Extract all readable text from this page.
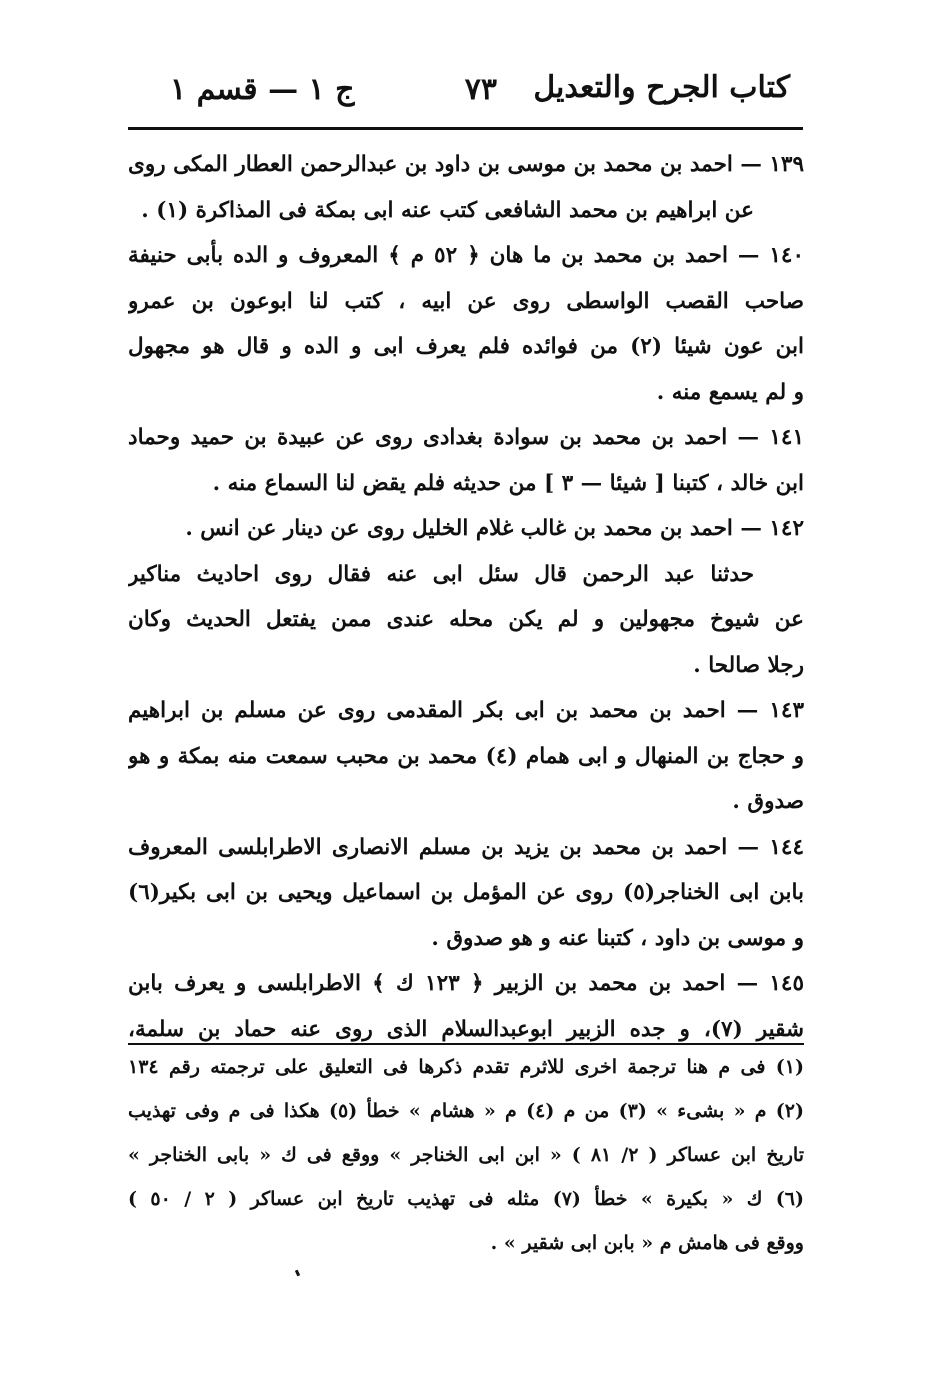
كتاب الجرح والتعديل
٧٣
ج ١ — قسم ١
١٣٩ — احمد بن محمد بن موسى بن داود بن عبدالرحمن العطار المكى روى
عن ابراهيم بن محمد الشافعى كتب عنه ابى بمكة فى المذاكرة (١) .
١٤٠ — احمد بن محمد بن ما هان ﴿ ٥٢ م ﴾ المعروف و الده بأبى حنيفة
صاحب القصب الواسطى روى عن ابيه ، كتب لنا ابوعون بن عمرو
ابن عون شيئا (٢) من فوائده فلم يعرف ابى و الده و قال هو مجهول
و لم يسمع منه .
١٤١ — احمد بن محمد بن سوادة بغدادى روى عن عبيدة بن حميد وحماد
ابن خالد ، كتبنا [ شيئا — ٣ ] من حديثه فلم يقض لنا السماع منه .
١٤٢ — احمد بن محمد بن غالب غلام الخليل روى عن دينار عن انس .
حدثنا عبد الرحمن قال سئل ابى عنه فقال روى احاديث مناكير
عن شيوخ مجهولين و لم يكن محله عندى ممن يفتعل الحديث وكان
رجلا صالحا .
١٤٣ — احمد بن محمد بن ابى بكر المقدمى روى عن مسلم بن ابراهيم
و حجاج بن المنهال و ابى همام (٤) محمد بن محبب سمعت منه بمكة و هو
صدوق .
١٤٤ — احمد بن محمد بن يزيد بن مسلم الانصارى الاطرابلسى المعروف
بابن ابى الخناجر(٥) روى عن المؤمل بن اسماعيل ويحيى بن ابى بكير(٦)
و موسى بن داود ، كتبنا عنه و هو صدوق .
١٤٥ — احمد بن محمد بن الزبير ﴿ ١٢٣ ك ﴾ الاطرابلسى و يعرف بابن
شقير (٧)، و جده الزبير ابوعبدالسلام الذى روى عنه حماد بن سلمة،
(١) فى م هنا ترجمة اخرى للاثرم تقدم ذكرها فى التعليق على ترجمته رقم ١٣٤
(٢) م « بشىء » (٣) من م (٤) م « هشام » خطأ (٥) هكذا فى م وفى تهذيب
تاريخ ابن عساكر ( ٢/ ٨١ ) « ابن ابى الخناجر » ووقع فى ك « بابى الخناجر »
(٦) ك « بكيرة » خطأ (٧) مثله فى تهذيب تاريخ ابن عساكر ( ٢ / ٥٠ )
ووقع فى هامش م « بابن ابى شقير » .
